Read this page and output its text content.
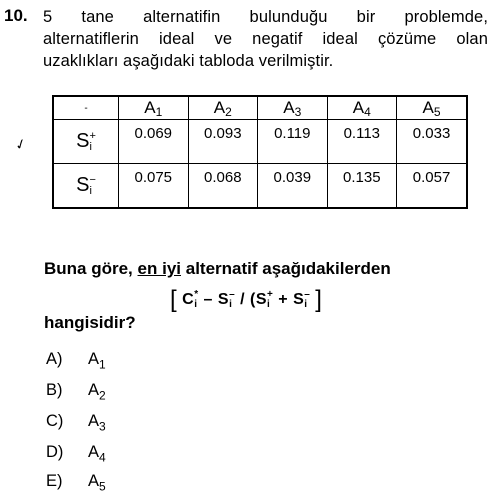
10. 5 tane alternatifin bulunduğu bir problemde,
alternatiflerin ideal ve negatif ideal çözüme olan
uzaklıkları aşağıdaki tabloda verilmiştir.
✓
-	$A_1$	$A_2$	$A_3$	$A_4$	$A_5$
S +
i	0.069	0.093	0.119	0.113	0.033
S −
i	0.075	0.068	0.039	0.135	0.057
Buna göre, en iyi alternatif aşağıdakilerden
[ C *
i – S –
i / (S +
i + S –
i ]
hangisidir?
A) $A_1$
B) $A_2$
C) $A_3$
D) $A_4$
E) $A_5$
